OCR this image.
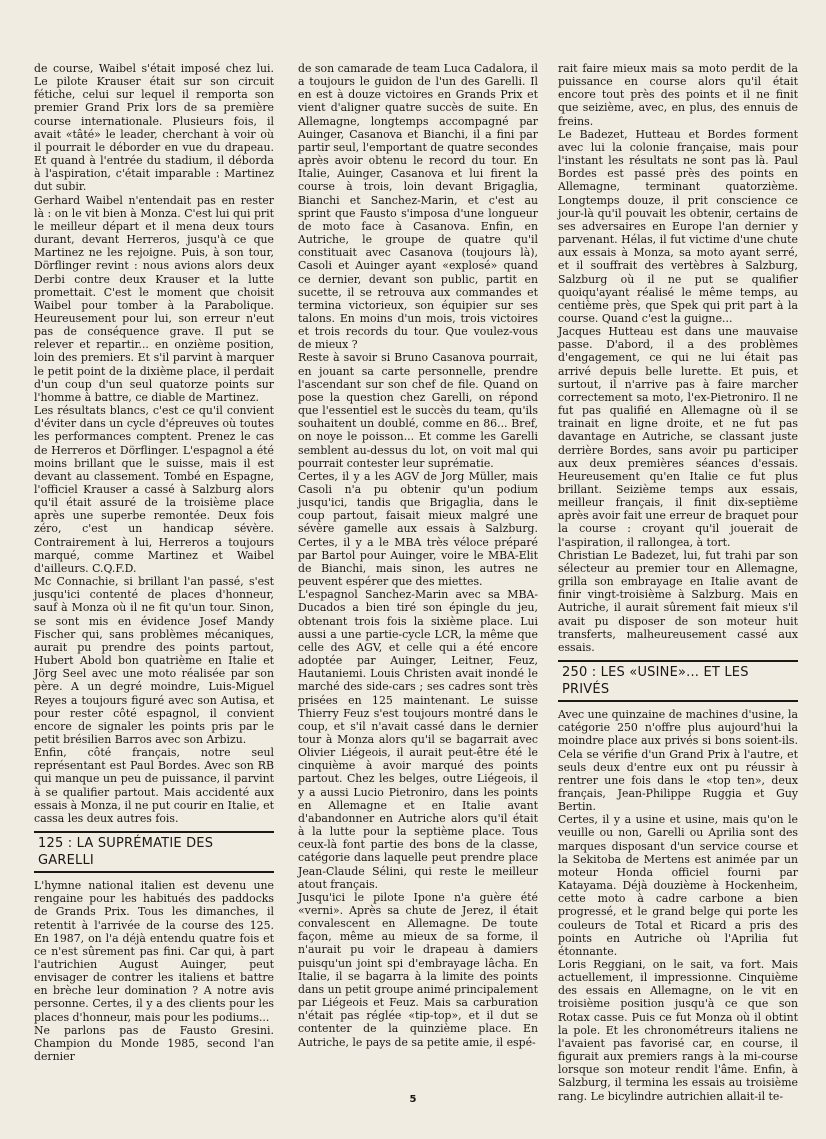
de course, Waibel s'était imposé chez lui. Le pilote Krauser était sur son circuit fétiche, celui sur lequel il remporta son premier Grand Prix lors de sa première course internationale. Plusieurs fois, il avait «tâté» le leader, cherchant à voir où il pourrait le déborder en vue du drapeau. Et quand à l'entrée du stadium, il déborda à l'aspiration, c'était imparable : Martinez dut subir.

Gerhard Waibel n'entendait pas en rester là : on le vit bien à Monza. C'est lui qui prit le meilleur départ et il mena deux tours durant, devant Herreros, jusqu'à ce que Martinez ne les rejoigne. Puis, à son tour, Dörflinger revint : nous avions alors deux Derbi contre deux Krauser et la lutte promettait. C'est le moment que choisit Waibel pour tomber à la Parabolique. Heureusement pour lui, son erreur n'eut pas de conséquence grave. Il put se relever et repartir... en onzième position, loin des premiers. Et s'il parvint à marquer le petit point de la dixième place, il perdait d'un coup d'un seul quatorze points sur l'homme à battre, ce diable de Martinez.

Les résultats blancs, c'est ce qu'il convient d'éviter dans un cycle d'épreuves où toutes les performances comptent. Prenez le cas de Herreros et Dörflinger. L'espagnol a été moins brillant que le suisse, mais il est devant au classement. Tombé en Espagne, l'officiel Krauser a cassé à Salzburg alors qu'il était assuré de la troisième place après une superbe remontée. Deux fois zéro, c'est un handicap sévère. Contrairement à lui, Herreros a toujours marqué, comme Martinez et Waibel d'ailleurs. C.Q.F.D.

Mc Connachie, si brillant l'an passé, s'est jusqu'ici contenté de places d'honneur, sauf à Monza où il ne fit qu'un tour. Sinon, se sont mis en évidence Josef Mandy Fischer qui, sans problèmes mécaniques, aurait pu prendre des points partout, Hubert Abold bon quatrième en Italie et Jörg Seel avec une moto réalisée par son père. A un degré moindre, Luis-Miguel Reyes a toujours figuré avec son Autisa, et pour rester côté espagnol, il convient encore de signaler les points pris par le petit brésilien Barros avec son Arbizu.

Enfin, côté français, notre seul représentant est Paul Bordes. Avec son RB qui manque un peu de puissance, il parvint à se qualifier partout. Mais accidenté aux essais à Monza, il ne put courir en Italie, et cassa les deux autres fois.

125 : LA SUPRÉMATIE DES GARELLI

L'hymne national italien est devenu une rengaine pour les habitués des paddocks de Grands Prix. Tous les dimanches, il retentit à l'arrivée de la course des 125. En 1987, on l'a déjà entendu quatre fois et ce n'est sûrement pas fini. Car qui, à part l'autrichien August Auinger, peut envisager de contrer les italiens et battre en brèche leur domination ? A notre avis personne. Certes, il y a des clients pour les places d'honneur, mais pour les podiums...

Ne parlons pas de Fausto Gresini. Champion du Monde 1985, second l'an dernier

de son camarade de team Luca Cadalora, il a toujours le guidon de l'un des Garelli. Il en est à douze victoires en Grands Prix et vient d'aligner quatre succès de suite. En Allemagne, longtemps accompagné par Auinger, Casanova et Bianchi, il a fini par partir seul, l'emportant de quatre secondes après avoir obtenu le record du tour. En Italie, Auinger, Casanova et lui firent la course à trois, loin devant Brigaglia, Bianchi et Sanchez-Marin, et c'est au sprint que Fausto s'imposa d'une longueur de moto face à Casanova. Enfin, en Autriche, le groupe de quatre qu'il constituait avec Casanova (toujours là), Casoli et Auinger ayant «explosé» quand ce dernier, devant son public, partit en sucette, il se retrouva aux commandes et termina victorieux, son équipier sur ses talons. En moins d'un mois, trois victoires et trois records du tour. Que voulez-vous de mieux ?

Reste à savoir si Bruno Casanova pourrait, en jouant sa carte personnelle, prendre l'ascendant sur son chef de file. Quand on pose la question chez Garelli, on répond que l'essentiel est le succès du team, qu'ils souhaitent un doublé, comme en 86... Bref, on noye le poisson... Et comme les Garelli semblent au-dessus du lot, on voit mal qui pourrait contester leur suprématie.

Certes, il y a les AGV de Jorg Müller, mais Casoli n'a pu obtenir qu'un podium jusqu'ici, tandis que Brigaglia, dans le coup partout, faisait mieux malgré une sévère gamelle aux essais à Salzburg. Certes, il y a le MBA très véloce préparé par Bartol pour Auinger, voire le MBA-Elit de Bianchi, mais sinon, les autres ne peuvent espérer que des miettes.

L'espagnol Sanchez-Marin avec sa MBA-Ducados a bien tiré son épingle du jeu, obtenant trois fois la sixième place. Lui aussi a une partie-cycle LCR, la même que celle des AGV, et celle qui a été encore adoptée par Auinger, Leitner, Feuz, Hautaniemi. Louis Christen avait inondé le marché des side-cars ; ses cadres sont très prisées en 125 maintenant. Le suisse Thierry Feuz s'est toujours montré dans le coup, et s'il n'avait cassé dans le dernier tour à Monza alors qu'il se bagarrait avec Olivier Liégeois, il aurait peut-être été le cinquième à avoir marqué des points partout. Chez les belges, outre Liégeois, il y a aussi Lucio Pietroniro, dans les points en Allemagne et en Italie avant d'abandonner en Autriche alors qu'il était à la lutte pour la septième place. Tous ceux-là font partie des bons de la classe, catégorie dans laquelle peut prendre place Jean-Claude Sélini, qui reste le meilleur atout français.

Jusqu'ici le pilote Ipone n'a guère été «verni». Après sa chute de Jerez, il était convalescent en Allemagne. De toute façon, même au mieux de sa forme, il n'aurait pu voir le drapeau à damiers puisqu'un joint spi d'embrayage lâcha. En Italie, il se bagarra à la limite des points dans un petit groupe animé principalement par Liégeois et Feuz. Mais sa carburation n'était pas réglée «tip-top», et il dut se contenter de la quinzième place. En Autriche, le pays de sa petite amie, il espé-

rait faire mieux mais sa moto perdit de la puissance en course alors qu'il était encore tout près des points et il ne finit que seizième, avec, en plus, des ennuis de freins.

Le Badezet, Hutteau et Bordes forment avec lui la colonie française, mais pour l'instant les résultats ne sont pas là. Paul Bordes est passé près des points en Allemagne, terminant quatorzième. Longtemps douze, il prit conscience ce jour-là qu'il pouvait les obtenir, certains de ses adversaires en Europe l'an dernier y parvenant. Hélas, il fut victime d'une chute aux essais à Monza, sa moto ayant serré, et il souffrait des vertèbres à Salzburg, Salzburg où il ne put se qualifier quoiqu'ayant réalisé le même temps, au centième près, que Spek qui prit part à la course. Quand c'est la guigne...

Jacques Hutteau est dans une mauvaise passe. D'abord, il a des problèmes d'engagement, ce qui ne lui était pas arrivé depuis belle lurette. Et puis, et surtout, il n'arrive pas à faire marcher correctement sa moto, l'ex-Pietroniro. Il ne fut pas qualifié en Allemagne où il se trainait en ligne droite, et ne fut pas davantage en Autriche, se classant juste derrière Bordes, sans avoir pu participer aux deux premières séances d'essais. Heureusement qu'en Italie ce fut plus brillant. Seizième temps aux essais, meilleur français, il finit dix-septième après avoir fait une erreur de braquet pour la course : croyant qu'il jouerait de l'aspiration, il rallongea, à tort.

Christian Le Badezet, lui, fut trahi par son sélecteur au premier tour en Allemagne, grilla son embrayage en Italie avant de finir vingt-troisième à Salzburg. Mais en Autriche, il aurait sûrement fait mieux s'il avait pu disposer de son moteur huit transferts, malheureusement cassé aux essais.

250 : LES «USINE»... ET LES PRIVÉS

Avec une quinzaine de machines d'usine, la catégorie 250 n'offre plus aujourd'hui la moindre place aux privés si bons soient-ils. Cela se vérifie d'un Grand Prix à l'autre, et seuls deux d'entre eux ont pu réussir à rentrer une fois dans le «top ten», deux français, Jean-Philippe Ruggia et Guy Bertin.

Certes, il y a usine et usine, mais qu'on le veuille ou non, Garelli ou Aprilia sont des marques disposant d'un service course et la Sekitoba de Mertens est animée par un moteur Honda officiel fourni par Katayama. Déjà douzième à Hockenheim, cette moto à cadre carbone a bien progressé, et le grand belge qui porte les couleurs de Total et Ricard a pris des points en Autriche où l'Aprilia fut étonnante.

Loris Reggiani, on le sait, va fort. Mais actuellement, il impressionne. Cinquième des essais en Allemagne, on le vit en troisième position jusqu'à ce que son Rotax casse. Puis ce fut Monza où il obtint la pole. Et les chronométreurs italiens ne l'avaient pas favorisé car, en course, il figurait aux premiers rangs à la mi-course lorsque son moteur rendit l'âme. Enfin, à Salzburg, il termina les essais au troisième rang. Le bicylindre autrichien allait-il te-

5
